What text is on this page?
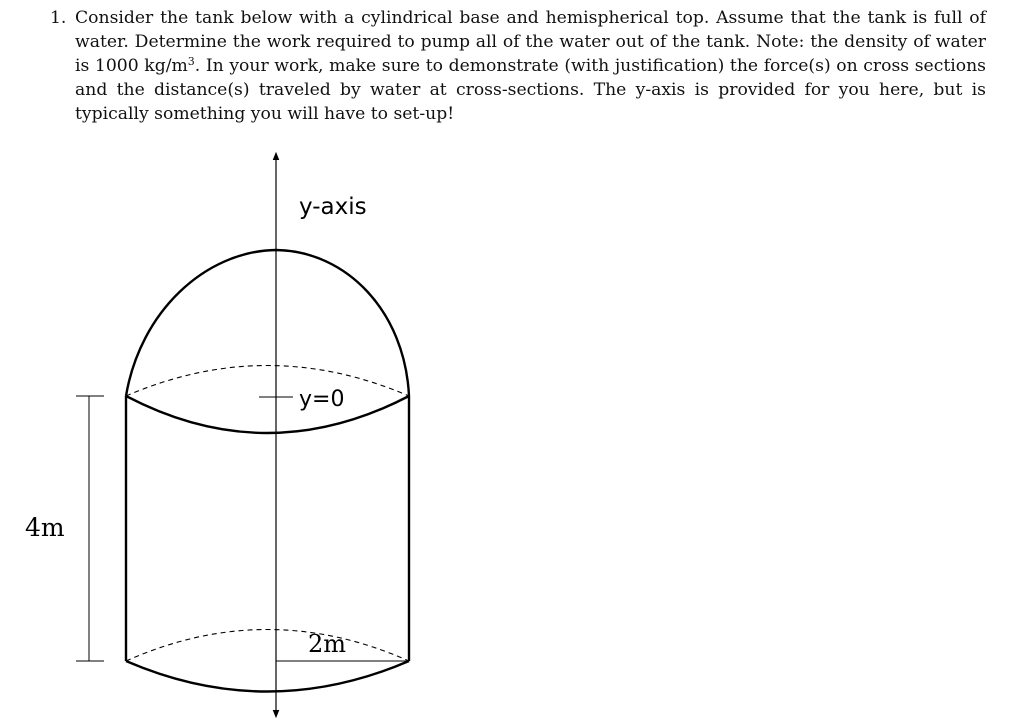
1. Consider the tank below with a cylindrical base and hemispherical top. Assume that the tank is full of water. Determine the work required to pump all of the water out of the tank. Note: the density of water is 1000 $kg/m^3$. In your work, make sure to demonstrate (with justification) the force(s) on cross sections and the distance(s) traveled by water at cross-sections. The y-axis is provided for you here, but is typically something you will have to set-up!
y-axis
y=0
4m
2m
